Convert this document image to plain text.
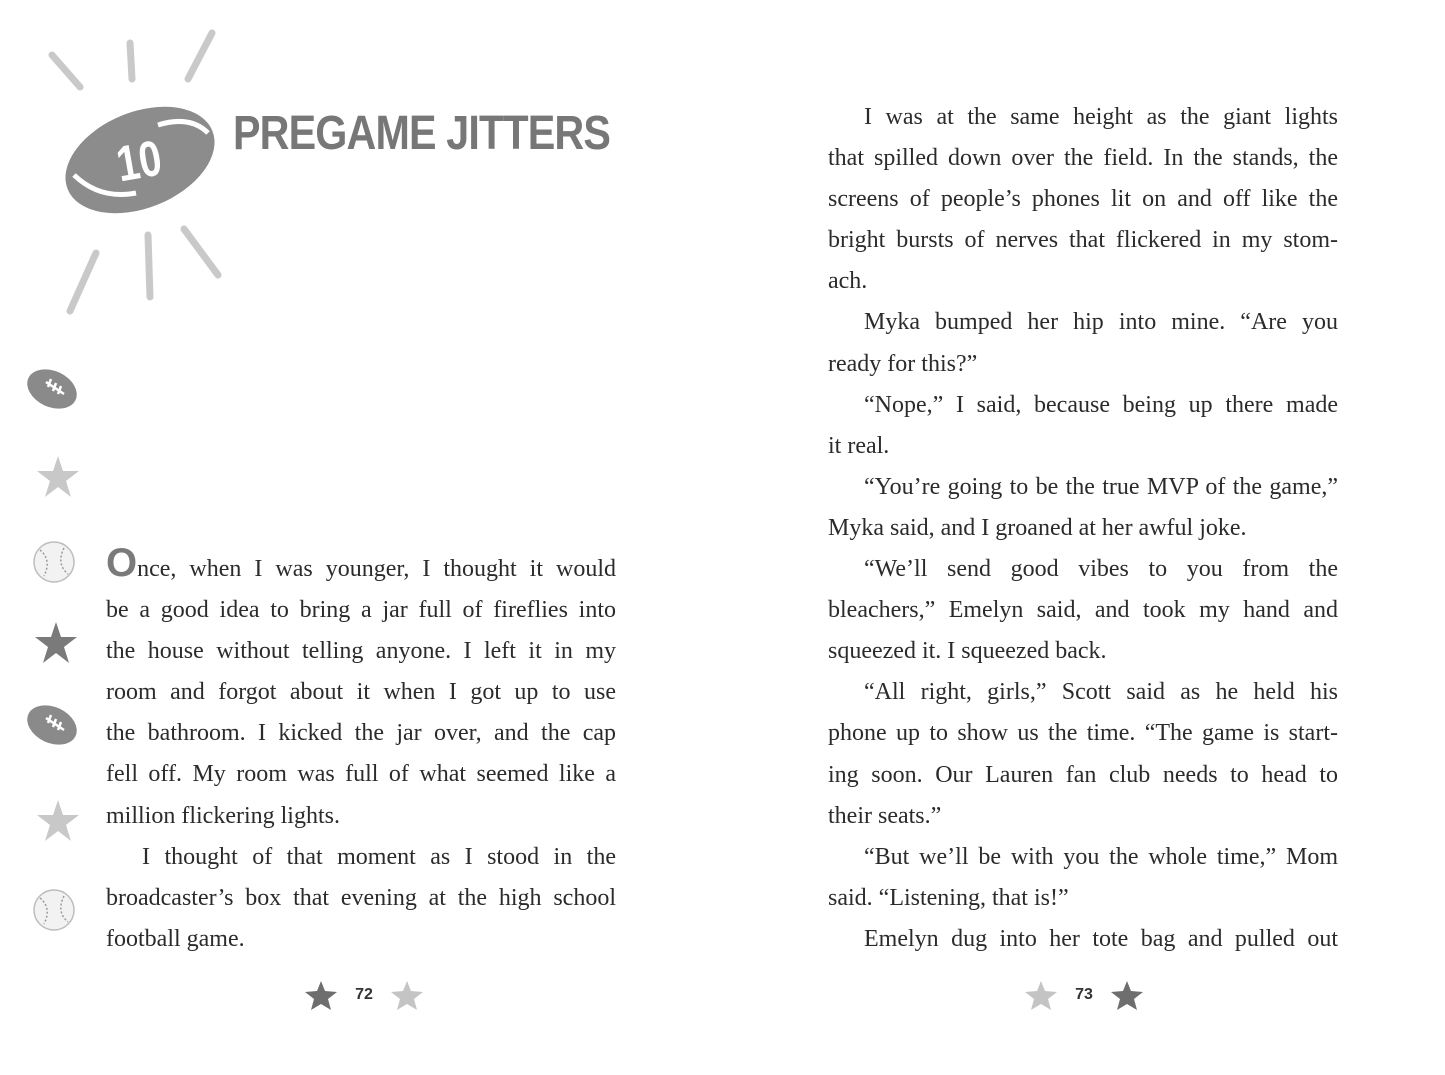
10 PREGAME JITTERS
Once, when I was younger, I thought it would
be a good idea to bring a jar full of fireflies into
the house without telling anyone. I left it in my
room and forgot about it when I got up to use
the bathroom. I kicked the jar over, and the cap
fell off. My room was full of what seemed like a
million flickering lights.
I thought of that moment as I stood in the
broadcaster’s box that evening at the high school
football game.
72
I was at the same height as the giant lights
that spilled down over the field. In the stands, the
screens of people’s phones lit on and off like the
bright bursts of nerves that flickered in my stom-
ach.
Myka bumped her hip into mine. “Are you
ready for this?”
“Nope,” I said, because being up there made
it real.
“You’re going to be the true MVP of the game,”
Myka said, and I groaned at her awful joke.
“We’ll send good vibes to you from the
bleachers,” Emelyn said, and took my hand and
squeezed it. I squeezed back.
“All right, girls,” Scott said as he held his
phone up to show us the time. “The game is start-
ing soon. Our Lauren fan club needs to head to
their seats.”
“But we’ll be with you the whole time,” Mom
said. “Listening, that is!”
Emelyn dug into her tote bag and pulled out
73
